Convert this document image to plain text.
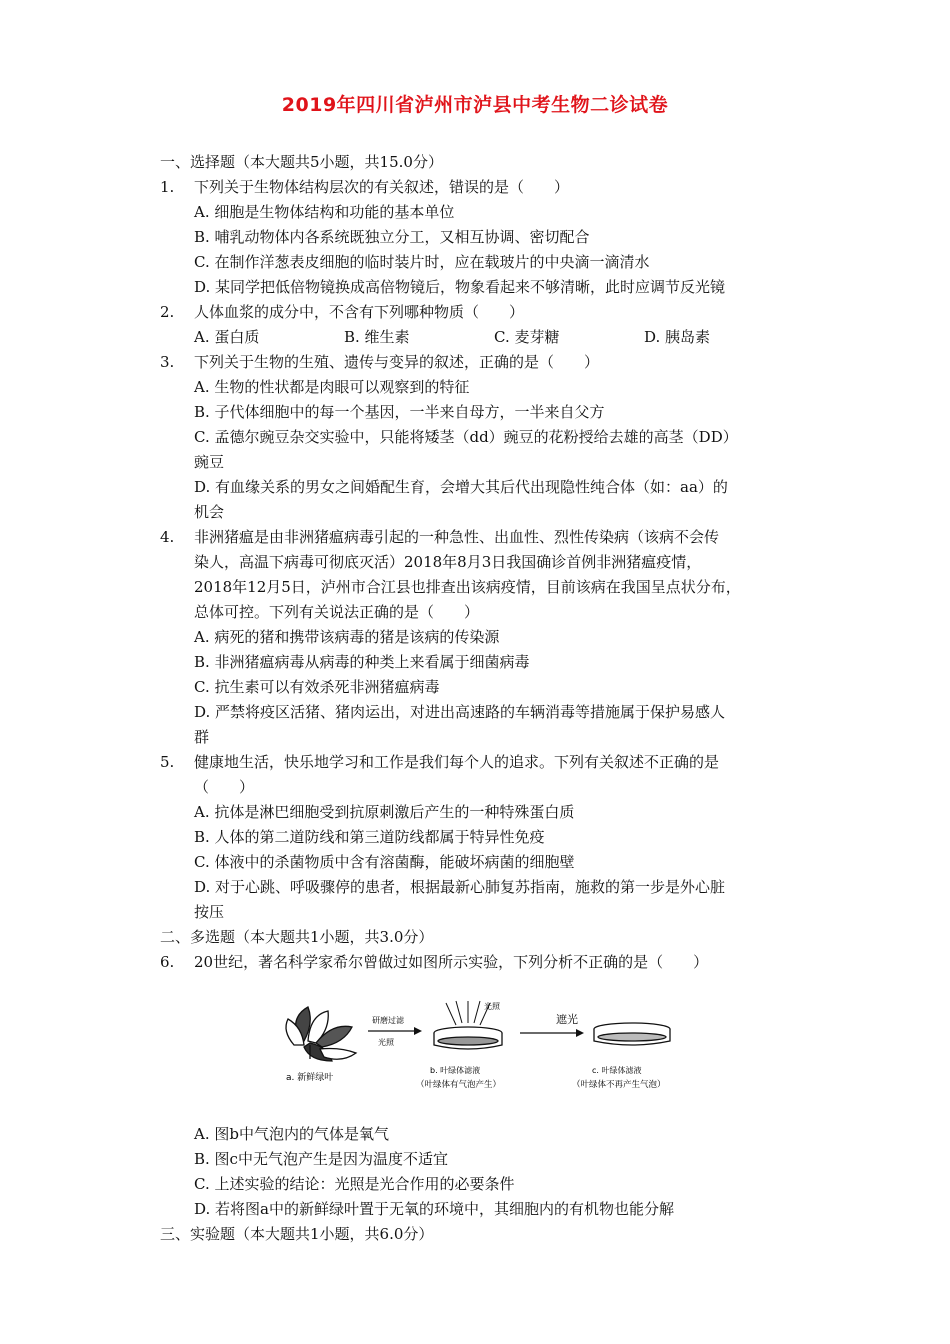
2019年四川省泸州市泸县中考生物二诊试卷
一、选择题（本大题共5小题，共15.0分）
1. 下列关于生物体结构层次的有关叙述，错误的是（　　）
A. 细胞是生物体结构和功能的基本单位
B. 哺乳动物体内各系统既独立分工，又相互协调、密切配合
C. 在制作洋葱表皮细胞的临时装片时，应在载玻片的中央滴一滴清水
D. 某同学把低倍物镜换成高倍物镜后，物象看起来不够清晰，此时应调节反光镜
2. 人体血浆的成分中，不含有下列哪种物质（　　）
A. 蛋白质	B. 维生素	C. 麦芽糖	D. 胰岛素
3. 下列关于生物的生殖、遗传与变异的叙述，正确的是（　　）
A. 生物的性状都是肉眼可以观察到的特征
B. 子代体细胞中的每一个基因，一半来自母方，一半来自父方
C. 孟德尔豌豆杂交实验中，只能将矮茎（dd）豌豆的花粉授给去雄的高茎（DD）
豌豆
D. 有血缘关系的男女之间婚配生育，会增大其后代出现隐性纯合体（如：aa）的
机会
4. 非洲猪瘟是由非洲猪瘟病毒引起的一种急性、出血性、烈性传染病（该病不会传
染人，高温下病毒可彻底灭活）2018年8月3日我国确诊首例非洲猪瘟疫情，
2018年12月5日，泸州市合江县也排查出该病疫情，目前该病在我国呈点状分布，
总体可控。下列有关说法正确的是（　　）
A. 病死的猪和携带该病毒的猪是该病的传染源
B. 非洲猪瘟病毒从病毒的种类上来看属于细菌病毒
C. 抗生素可以有效杀死非洲猪瘟病毒
D. 严禁将疫区活猪、猪肉运出，对进出高速路的车辆消毒等措施属于保护易感人
群
5. 健康地生活，快乐地学习和工作是我们每个人的追求。下列有关叙述不正确的是
（　　）
A. 抗体是淋巴细胞受到抗原刺激后产生的一种特殊蛋白质
B. 人体的第二道防线和第三道防线都属于特异性免疫
C. 体液中的杀菌物质中含有溶菌酶，能破坏病菌的细胞壁
D. 对于心跳、呼吸骤停的患者，根据最新心肺复苏指南，施救的第一步是外心脏
按压
二、多选题（本大题共1小题，共3.0分）
6. 20世纪，著名科学家希尔曾做过如图所示实验，下列分析不正确的是（　　）
a. 新鲜绿叶
研磨过滤
光照
光照
b. 叶绿体滤液
（叶绿体有气泡产生）
遮光
c. 叶绿体滤液
（叶绿体不再产生气泡）
A. 图b中气泡内的气体是氧气
B. 图c中无气泡产生是因为温度不适宜
C. 上述实验的结论：光照是光合作用的必要条件
D. 若将图a中的新鲜绿叶置于无氧的环境中，其细胞内的有机物也能分解
三、实验题（本大题共1小题，共6.0分）
